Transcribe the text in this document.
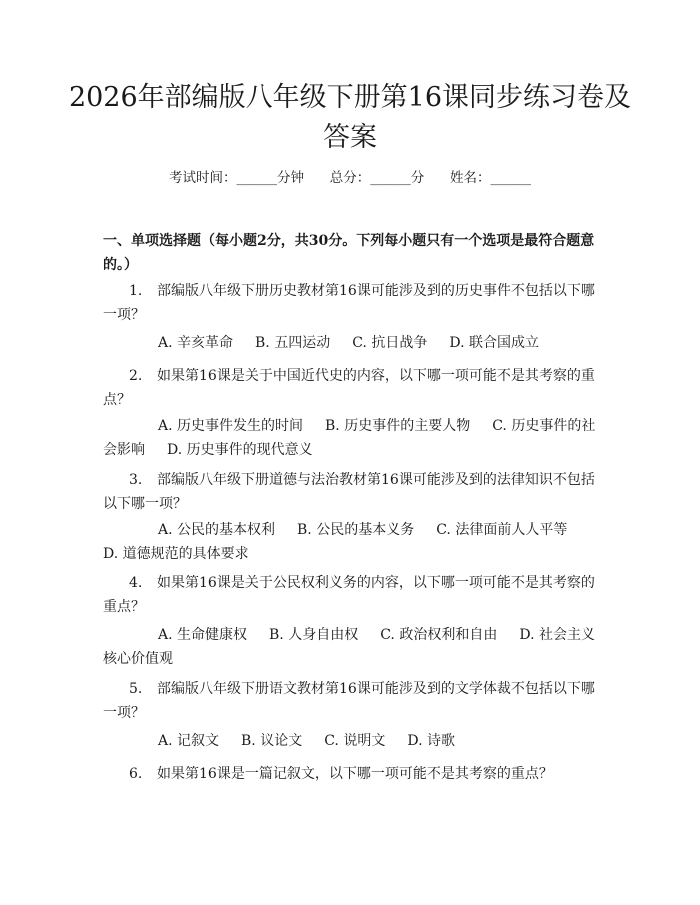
2026年部编版八年级下册第16课同步练习卷及答案
考试时间：______分钟 总分：______分 姓名：______
一、单项选择题（每小题2分，共30分。下列每小题只有一个选项是最符合题意的。）
1. 部编版八年级下册历史教材第16课可能涉及到的历史事件不包括以下哪一项？
A. 辛亥革命 B. 五四运动 C. 抗日战争 D. 联合国成立
2. 如果第16课是关于中国近代史的内容，以下哪一项可能不是其考察的重点？
A. 历史事件发生的时间 B. 历史事件的主要人物 C. 历史事件的社会影响 D. 历史事件的现代意义
3. 部编版八年级下册道德与法治教材第16课可能涉及到的法律知识不包括以下哪一项？
A. 公民的基本权利 B. 公民的基本义务 C. 法律面前人人平等D. 道德规范的具体要求
4. 如果第16课是关于公民权利义务的内容，以下哪一项可能不是其考察的重点？
A. 生命健康权 B. 人身自由权 C. 政治权利和自由 D. 社会主义核心价值观
5. 部编版八年级下册语文教材第16课可能涉及到的文学体裁不包括以下哪一项？
A. 记叙文 B. 议论文 C. 说明文 D. 诗歌
6. 如果第16课是一篇记叙文，以下哪一项可能不是其考察的重点？
